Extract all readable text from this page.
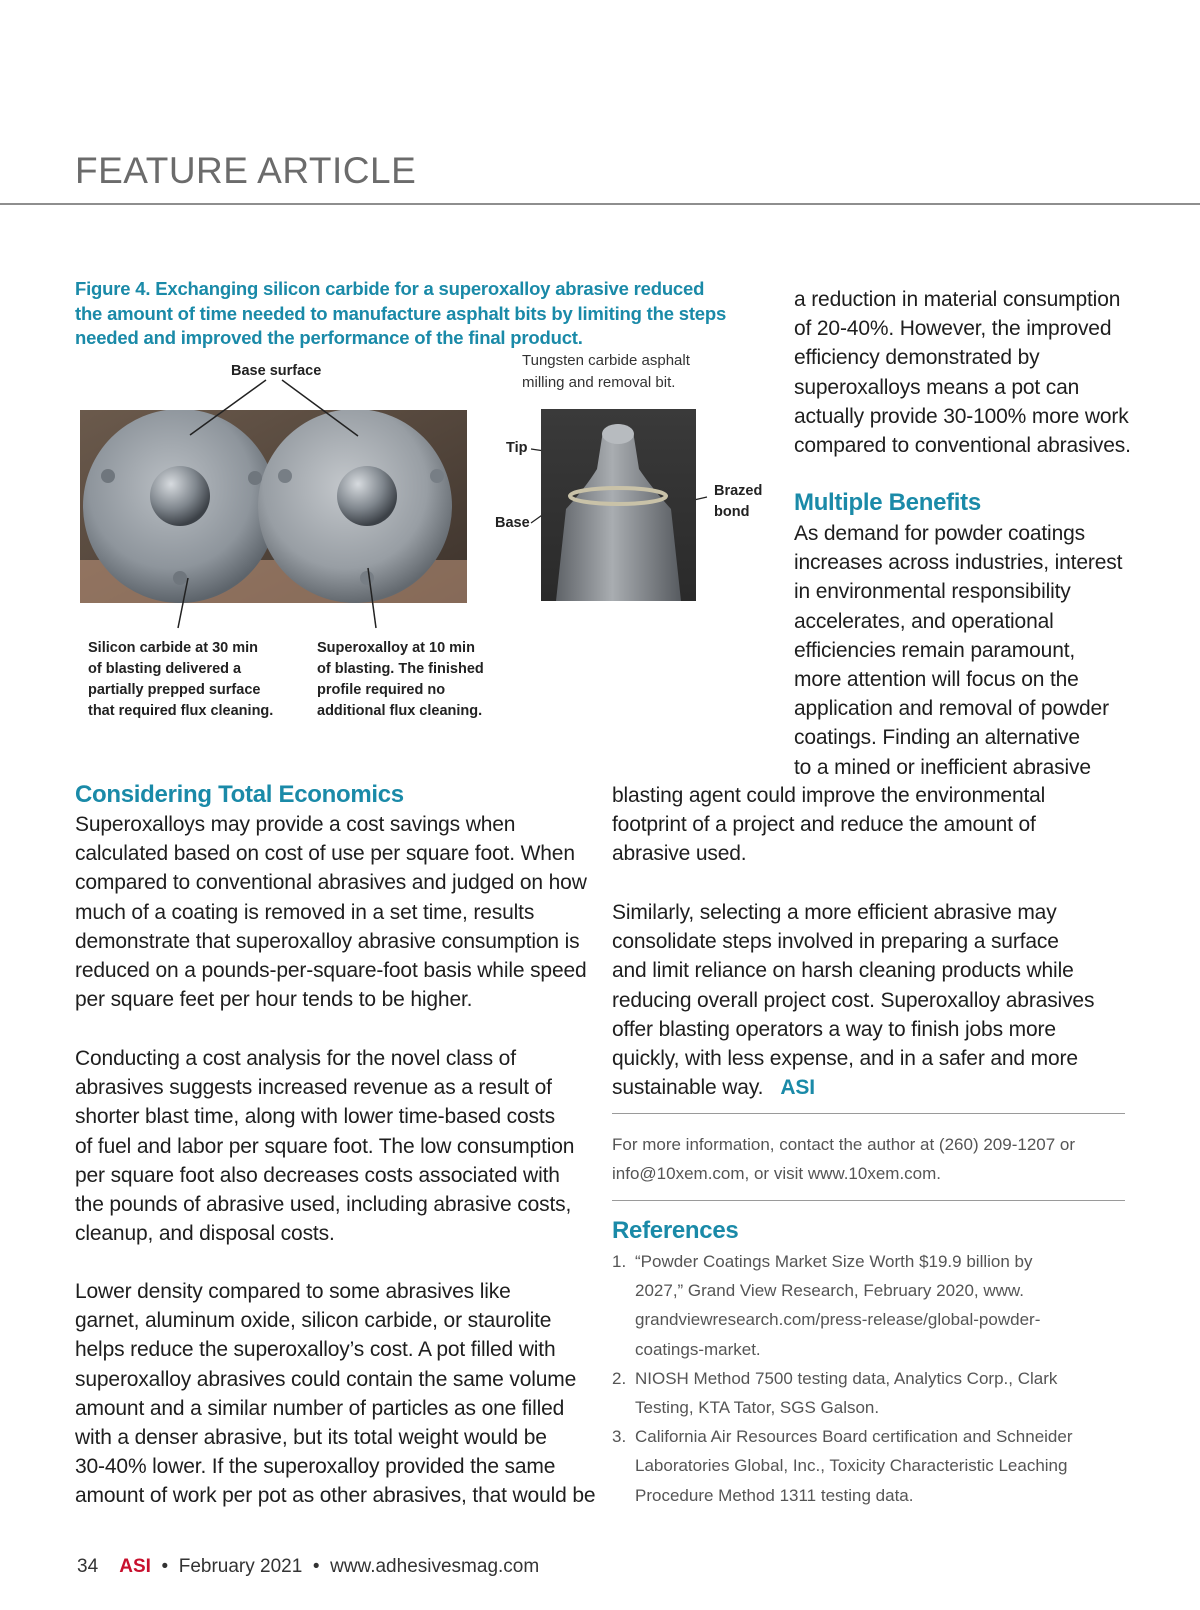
FEATURE ARTICLE

Figure 4. Exchanging silicon carbide for a superoxalloy abrasive reduced the amount of time needed to manufacture asphalt bits by limiting the steps needed and improved the performance of the final product.

Base surface

Silicon carbide at 30 min
of blasting delivered a
partially prepped surface
that required flux cleaning.
Superoxalloy at 10 min
of blasting. The finished
profile required no
additional flux cleaning.
Tungsten carbide asphalt
milling and removal bit.

Tip

Base

Brazed
bond
a reduction in material consumption
of 20-40%. However, the improved
efficiency demonstrated by
superoxalloys means a pot can
actually provide 30-100% more work
compared to conventional abrasives.
Multiple Benefits
As demand for powder coatings
increases across industries, interest
in environmental responsibility
accelerates, and operational
efficiencies remain paramount,
more attention will focus on the
application and removal of powder
coatings. Finding an alternative
to a mined or inefficient abrasive
Considering Total Economics
Superoxalloys may provide a cost savings when
calculated based on cost of use per square foot. When
compared to conventional abrasives and judged on how
much of a coating is removed in a set time, results
demonstrate that superoxalloy abrasive consumption is
reduced on a pounds-per-square-foot basis while speed
per square feet per hour tends to be higher.
Conducting a cost analysis for the novel class of
abrasives suggests increased revenue as a result of
shorter blast time, along with lower time-based costs
of fuel and labor per square foot. The low consumption
per square foot also decreases costs associated with
the pounds of abrasive used, including abrasive costs,
cleanup, and disposal costs.
Lower density compared to some abrasives like
garnet, aluminum oxide, silicon carbide, or staurolite
helps reduce the superoxalloy’s cost. A pot filled with
superoxalloy abrasives could contain the same volume
amount and a similar number of particles as one filled
with a denser abrasive, but its total weight would be
30-40% lower. If the superoxalloy provided the same
amount of work per pot as other abrasives, that would be
blasting agent could improve the environmental
footprint of a project and reduce the amount of
abrasive used.
Similarly, selecting a more efficient abrasive may
consolidate steps involved in preparing a surface
and limit reliance on harsh cleaning products while
reducing overall project cost. Superoxalloy abrasives
offer blasting operators a way to finish jobs more
quickly, with less expense, and in a safer and more
sustainable way. ASI
For more information, contact the author at (260) 209-1207 or
info@10xem.com, or visit www.10xem.com.
References
1. “Powder Coatings Market Size Worth $19.9 billion by
2027,” Grand View Research, February 2020, www.
grandviewresearch.com/press-release/global-powder-
coatings-market.
2. NIOSH Method 7500 testing data, Analytics Corp., Clark
Testing, KTA Tator, SGS Galson.
3. California Air Resources Board certification and Schneider
Laboratories Global, Inc., Toxicity Characteristic Leaching
Procedure Method 1311 testing data.
34 ASI • February 2021 • www.adhesivesmag.com
